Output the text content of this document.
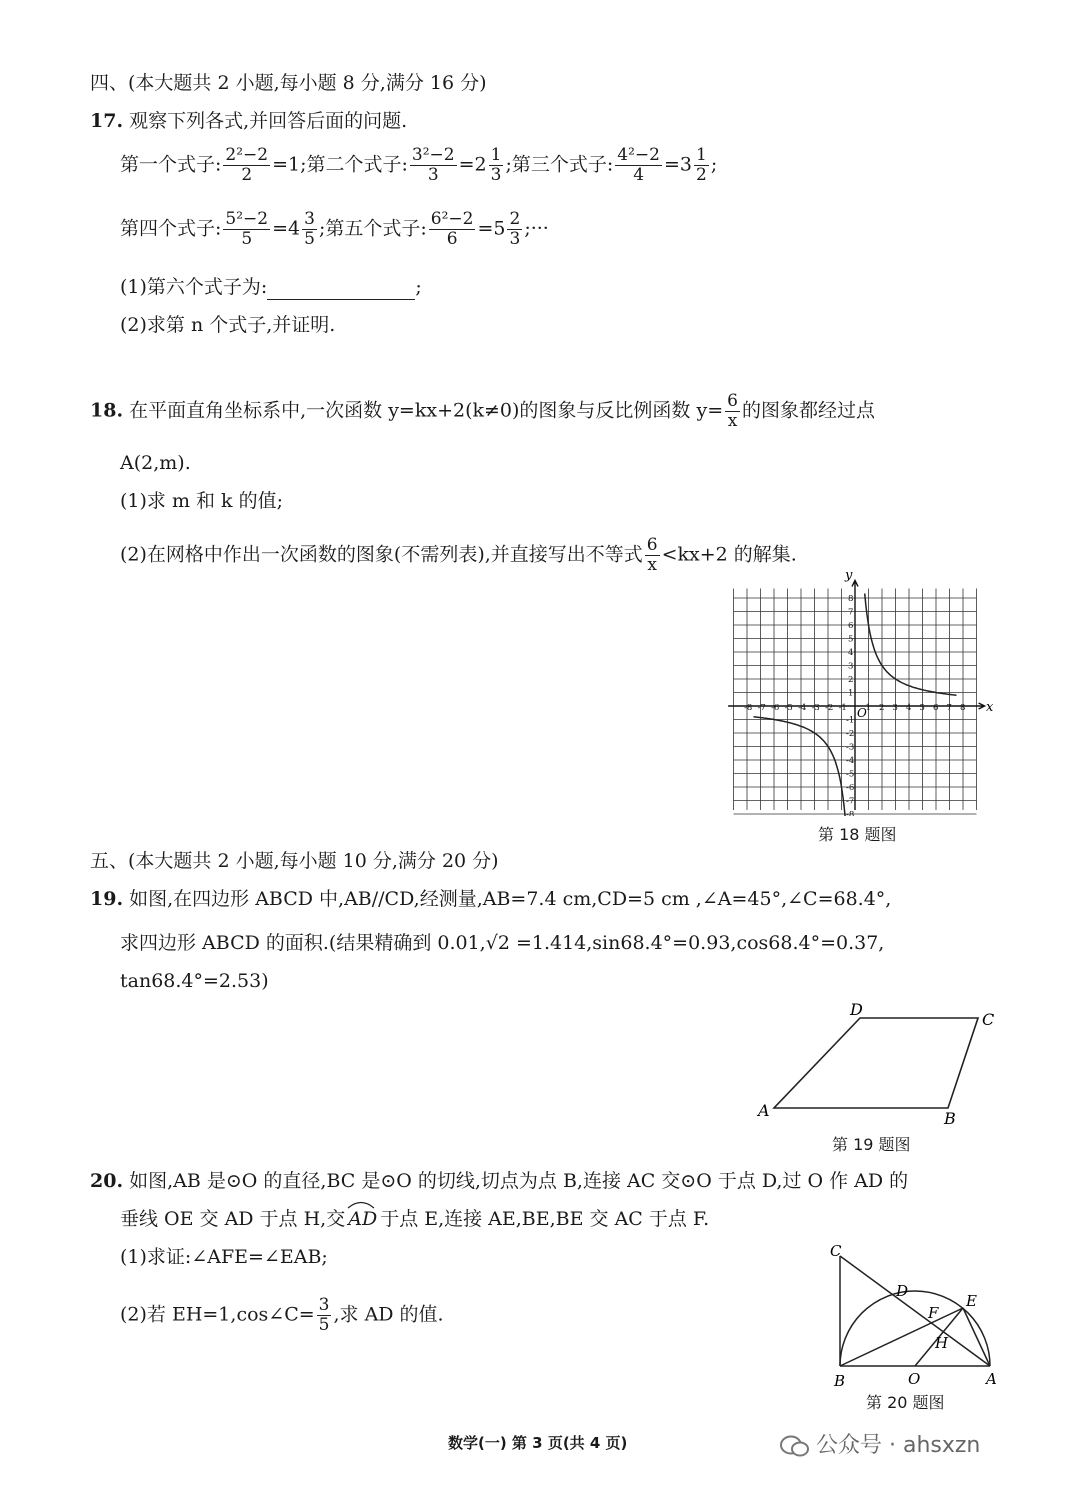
四、(本大题共 2 小题,每小题 8 分,满分 16 分)
17. 观察下列各式,并回答后面的问题.
第一个式子: $\frac{\text{2²−2}}{2} =1$;第二个式子: $\frac{\text{3²−2}}{3} =2 \frac{1}{3}$ ;第三个式子: $\frac{\text{4²−2}}{4} =3 \frac{1}{2}$ ;
第四个式子: $\frac{\text{5²−2}}{5} =4 \frac{3}{5}$ ;第五个式子: $\frac{\text{6²−2}}{6} =5 \frac{2}{3}$ ;···
(1)第六个式子为:	;
(2)求第 n 个式子,并证明.
18. 在平面直角坐标系中,一次函数 y=kx+2(k≠0)的图象与反比例函数 $y= \frac{6}{x}$ 的图象都经过点
A(2,m).
(1)求 m 和 k 的值;
(2)在网格中作出一次函数的图象(不需列表),并直接写出不等式 $\frac{6}{x} <kx+2$ 的解集.
-8 -7 -6 -5 -4 -3 -2 -1 1 2 3 4 5 6 7 8
8
7
6
5
4
3
2
1
-1
-2
-3
-4
-5
-6
-7
-8
x
y
O
第 18 题图
五、(本大题共 2 小题,每小题 10 分,满分 20 分)
19. 如图,在四边形 ABCD 中,AB//CD,经测量,AB=7.4 cm,CD=5 cm ,∠A=45°,∠C=68.4°,
求四边形 ABCD 的面积.(结果精确到 0.01,√2 =1.414,sin68.4°=0.93,cos68.4°=0.37,
tan68.4°=2.53)
A	B
C
D
第 19 题图
20. 如图,AB 是⊙O 的直径,BC 是⊙O 的切线,切点为点 B,连接 AC 交⊙O 于点 D,过 O 作 AD 的
垂线 OE 交 AD 于点 H,交 AD 于点 E,连接 AE,BE,BE 交 AC 于点 F.
(1)求证:∠AFE=∠EAB;
(2)若 EH=1,cos∠C= $\frac{3}{5}$ ,求 AD 的值.
D
E
F
H
O
B	A
C
第 20 题图
数学(一) 第 3 页(共 4 页)	公众号 · ahsxzn
